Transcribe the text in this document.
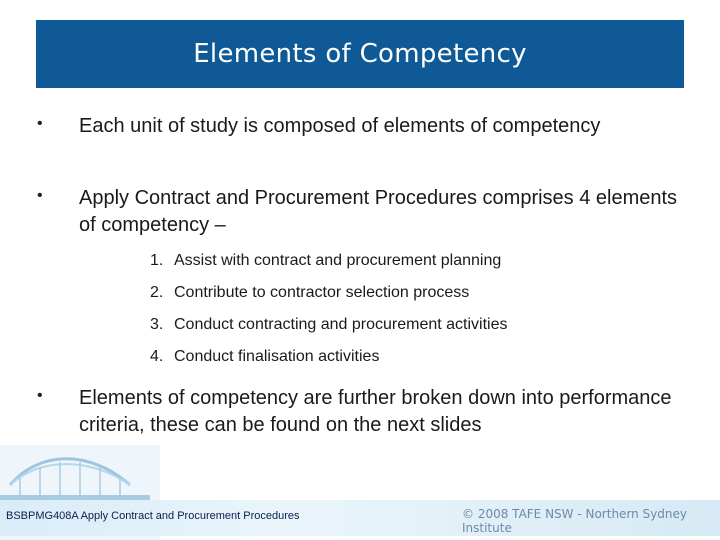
Elements of Competency
• Each unit of study is composed of elements of competency
• Apply Contract and Procurement Procedures comprises 4 elements of competency –
1. Assist with contract and procurement planning
2. Contribute to contractor selection process
3. Conduct contracting and procurement activities
4. Conduct finalisation activities
• Elements of competency are further broken down into performance criteria, these can be found on the next slides
BSBPMG408A Apply Contract and Procurement Procedures	© 2008 TAFE NSW - Northern Sydney Institute
